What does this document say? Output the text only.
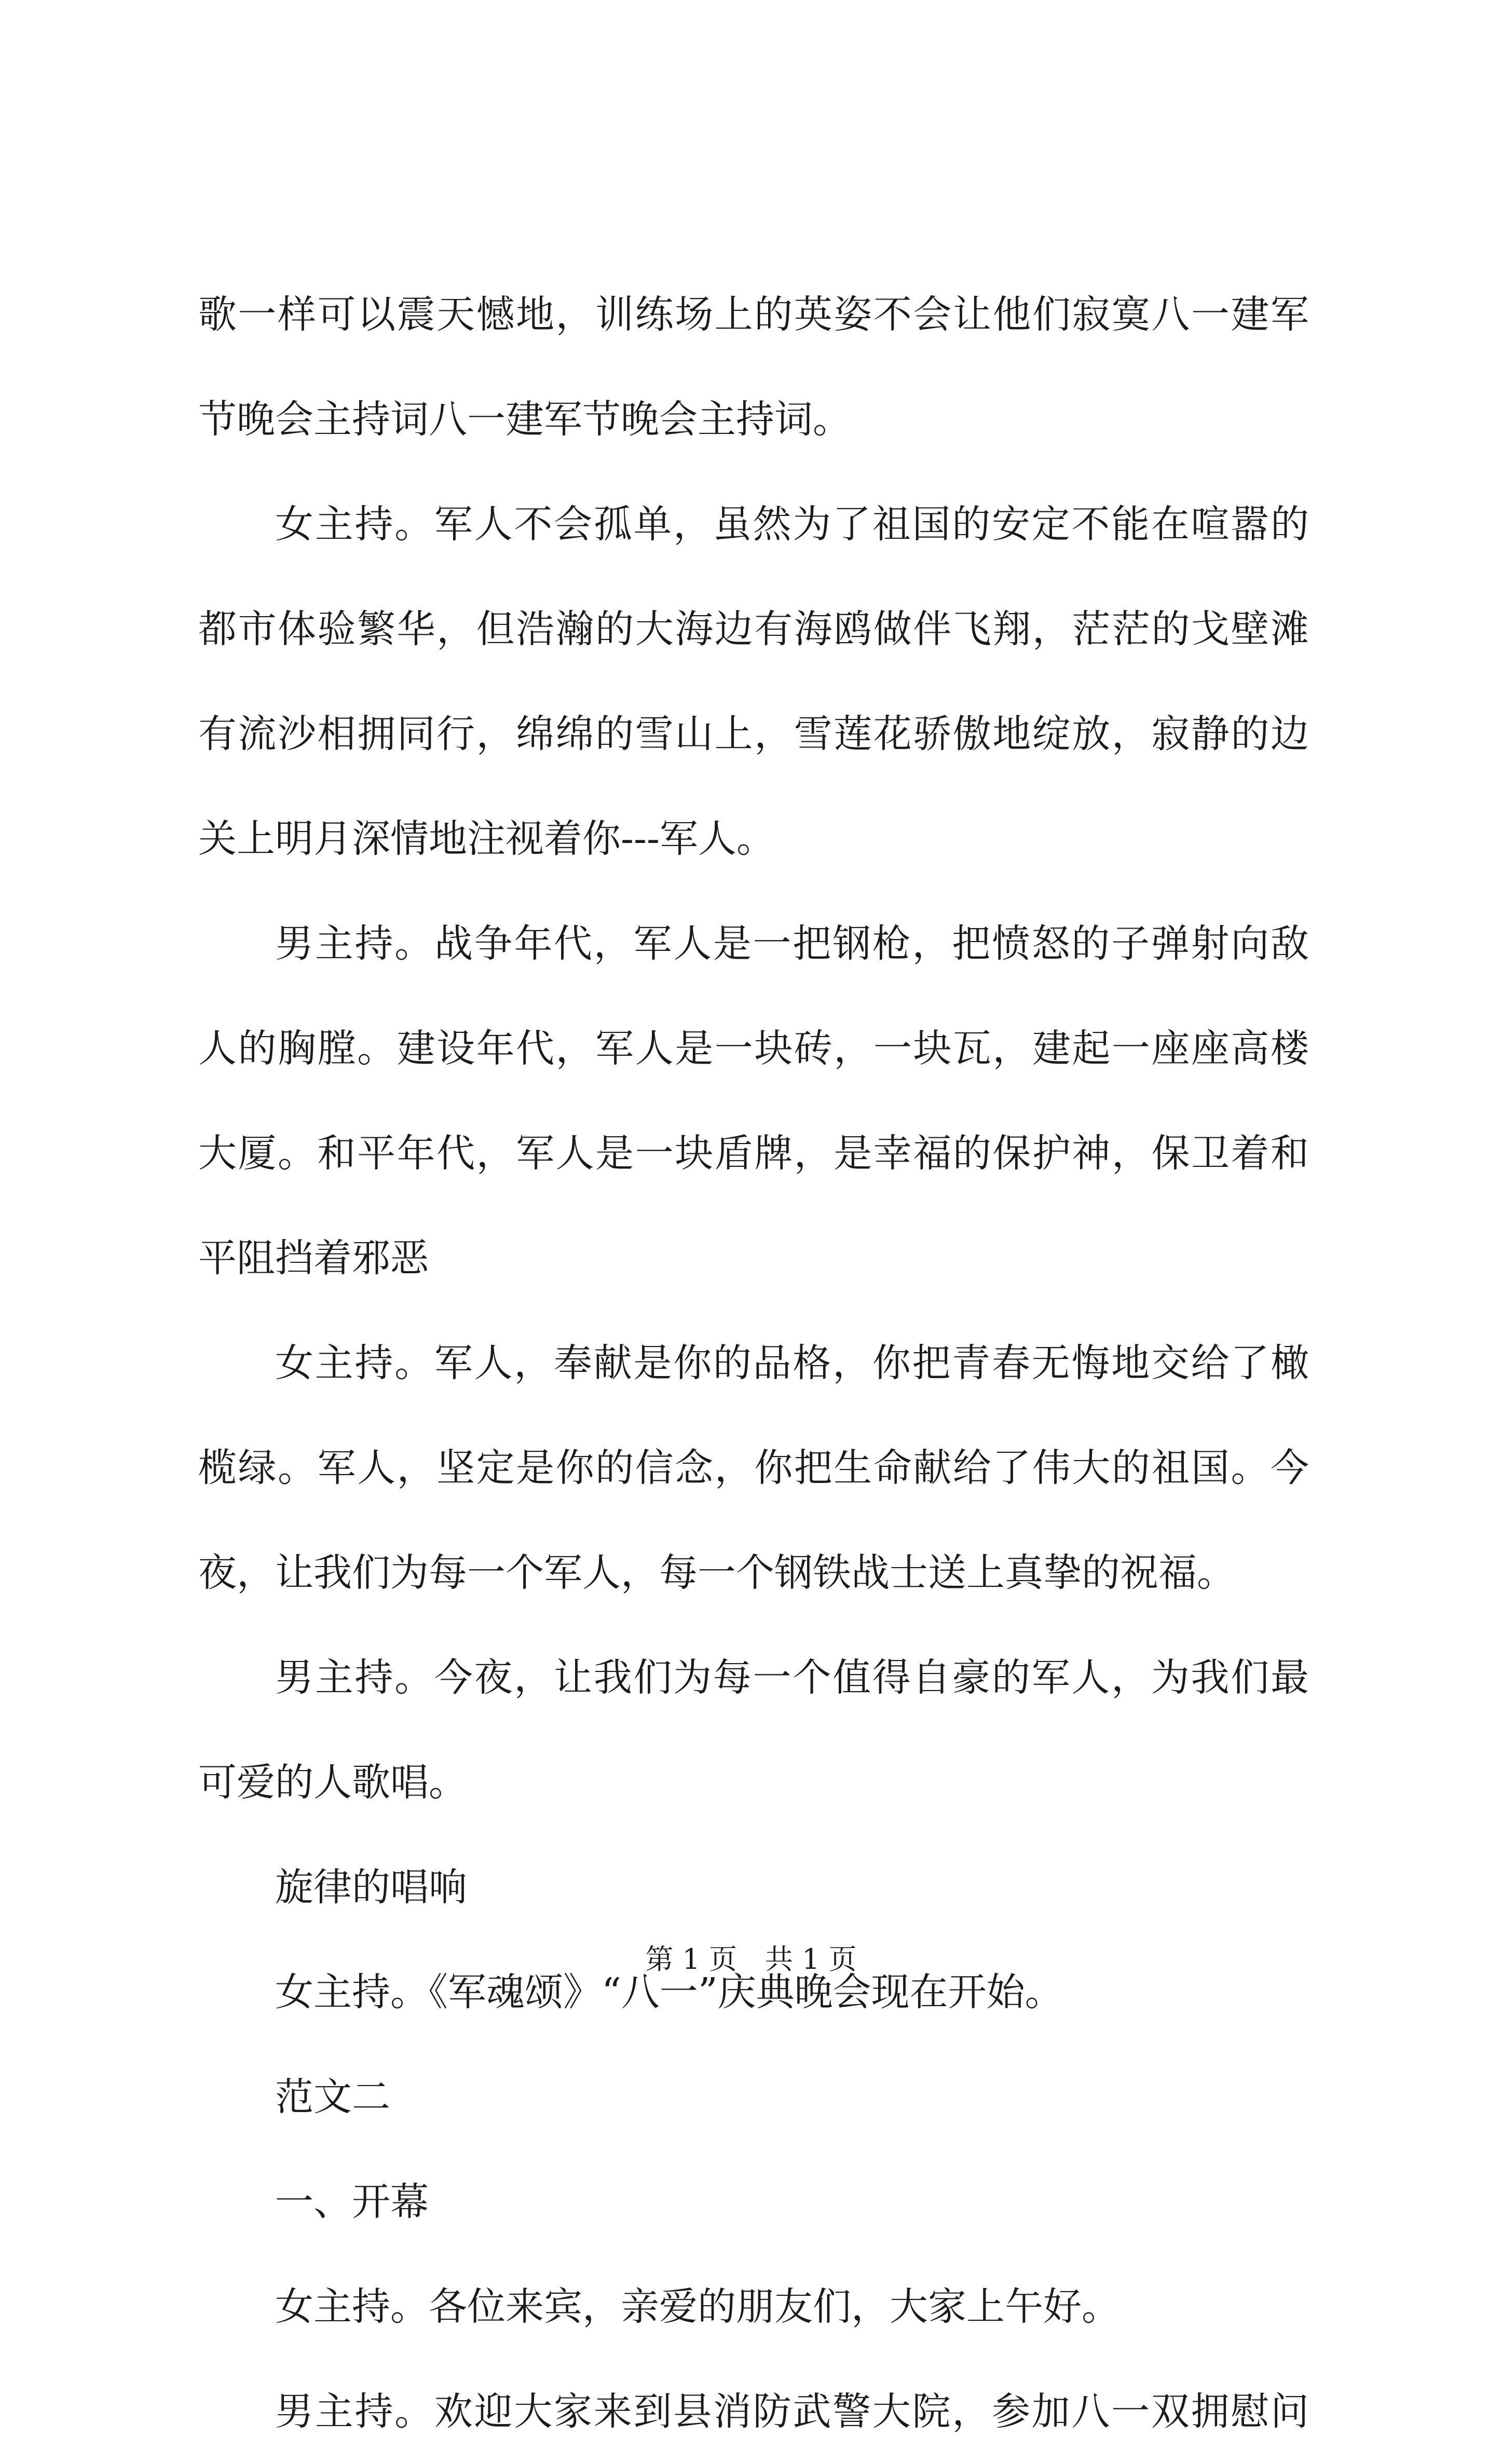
歌一样可以震天憾地，训练场上的英姿不会让他们寂寞八一建军
节晚会主持词八一建军节晚会主持词。
女主持。军人不会孤单，虽然为了祖国的安定不能在喧嚣的
都市体验繁华，但浩瀚的大海边有海鸥做伴飞翔，茫茫的戈壁滩
有流沙相拥同行，绵绵的雪山上，雪莲花骄傲地绽放，寂静的边
关上明月深情地注视着你---军人。
男主持。战争年代，军人是一把钢枪，把愤怒的子弹射向敌
人的胸膛。建设年代，军人是一块砖，一块瓦，建起一座座高楼
大厦。和平年代，军人是一块盾牌，是幸福的保护神，保卫着和
平阻挡着邪恶
女主持。军人，奉献是你的品格，你把青春无悔地交给了橄
榄绿。军人，坚定是你的信念，你把生命献给了伟大的祖国。今
夜，让我们为每一个军人，每一个钢铁战士送上真挚的祝福。
男主持。今夜，让我们为每一个值得自豪的军人，为我们最
可爱的人歌唱。
旋律的唱响
女主持。《军魂颂》“八一”庆典晚会现在开始。
范文二
一、开幕
女主持。各位来宾，亲爱的朋友们，大家上午好。
男主持。欢迎大家来到县消防武警大院，参加八一双拥慰问
第 1 页 共 1 页
